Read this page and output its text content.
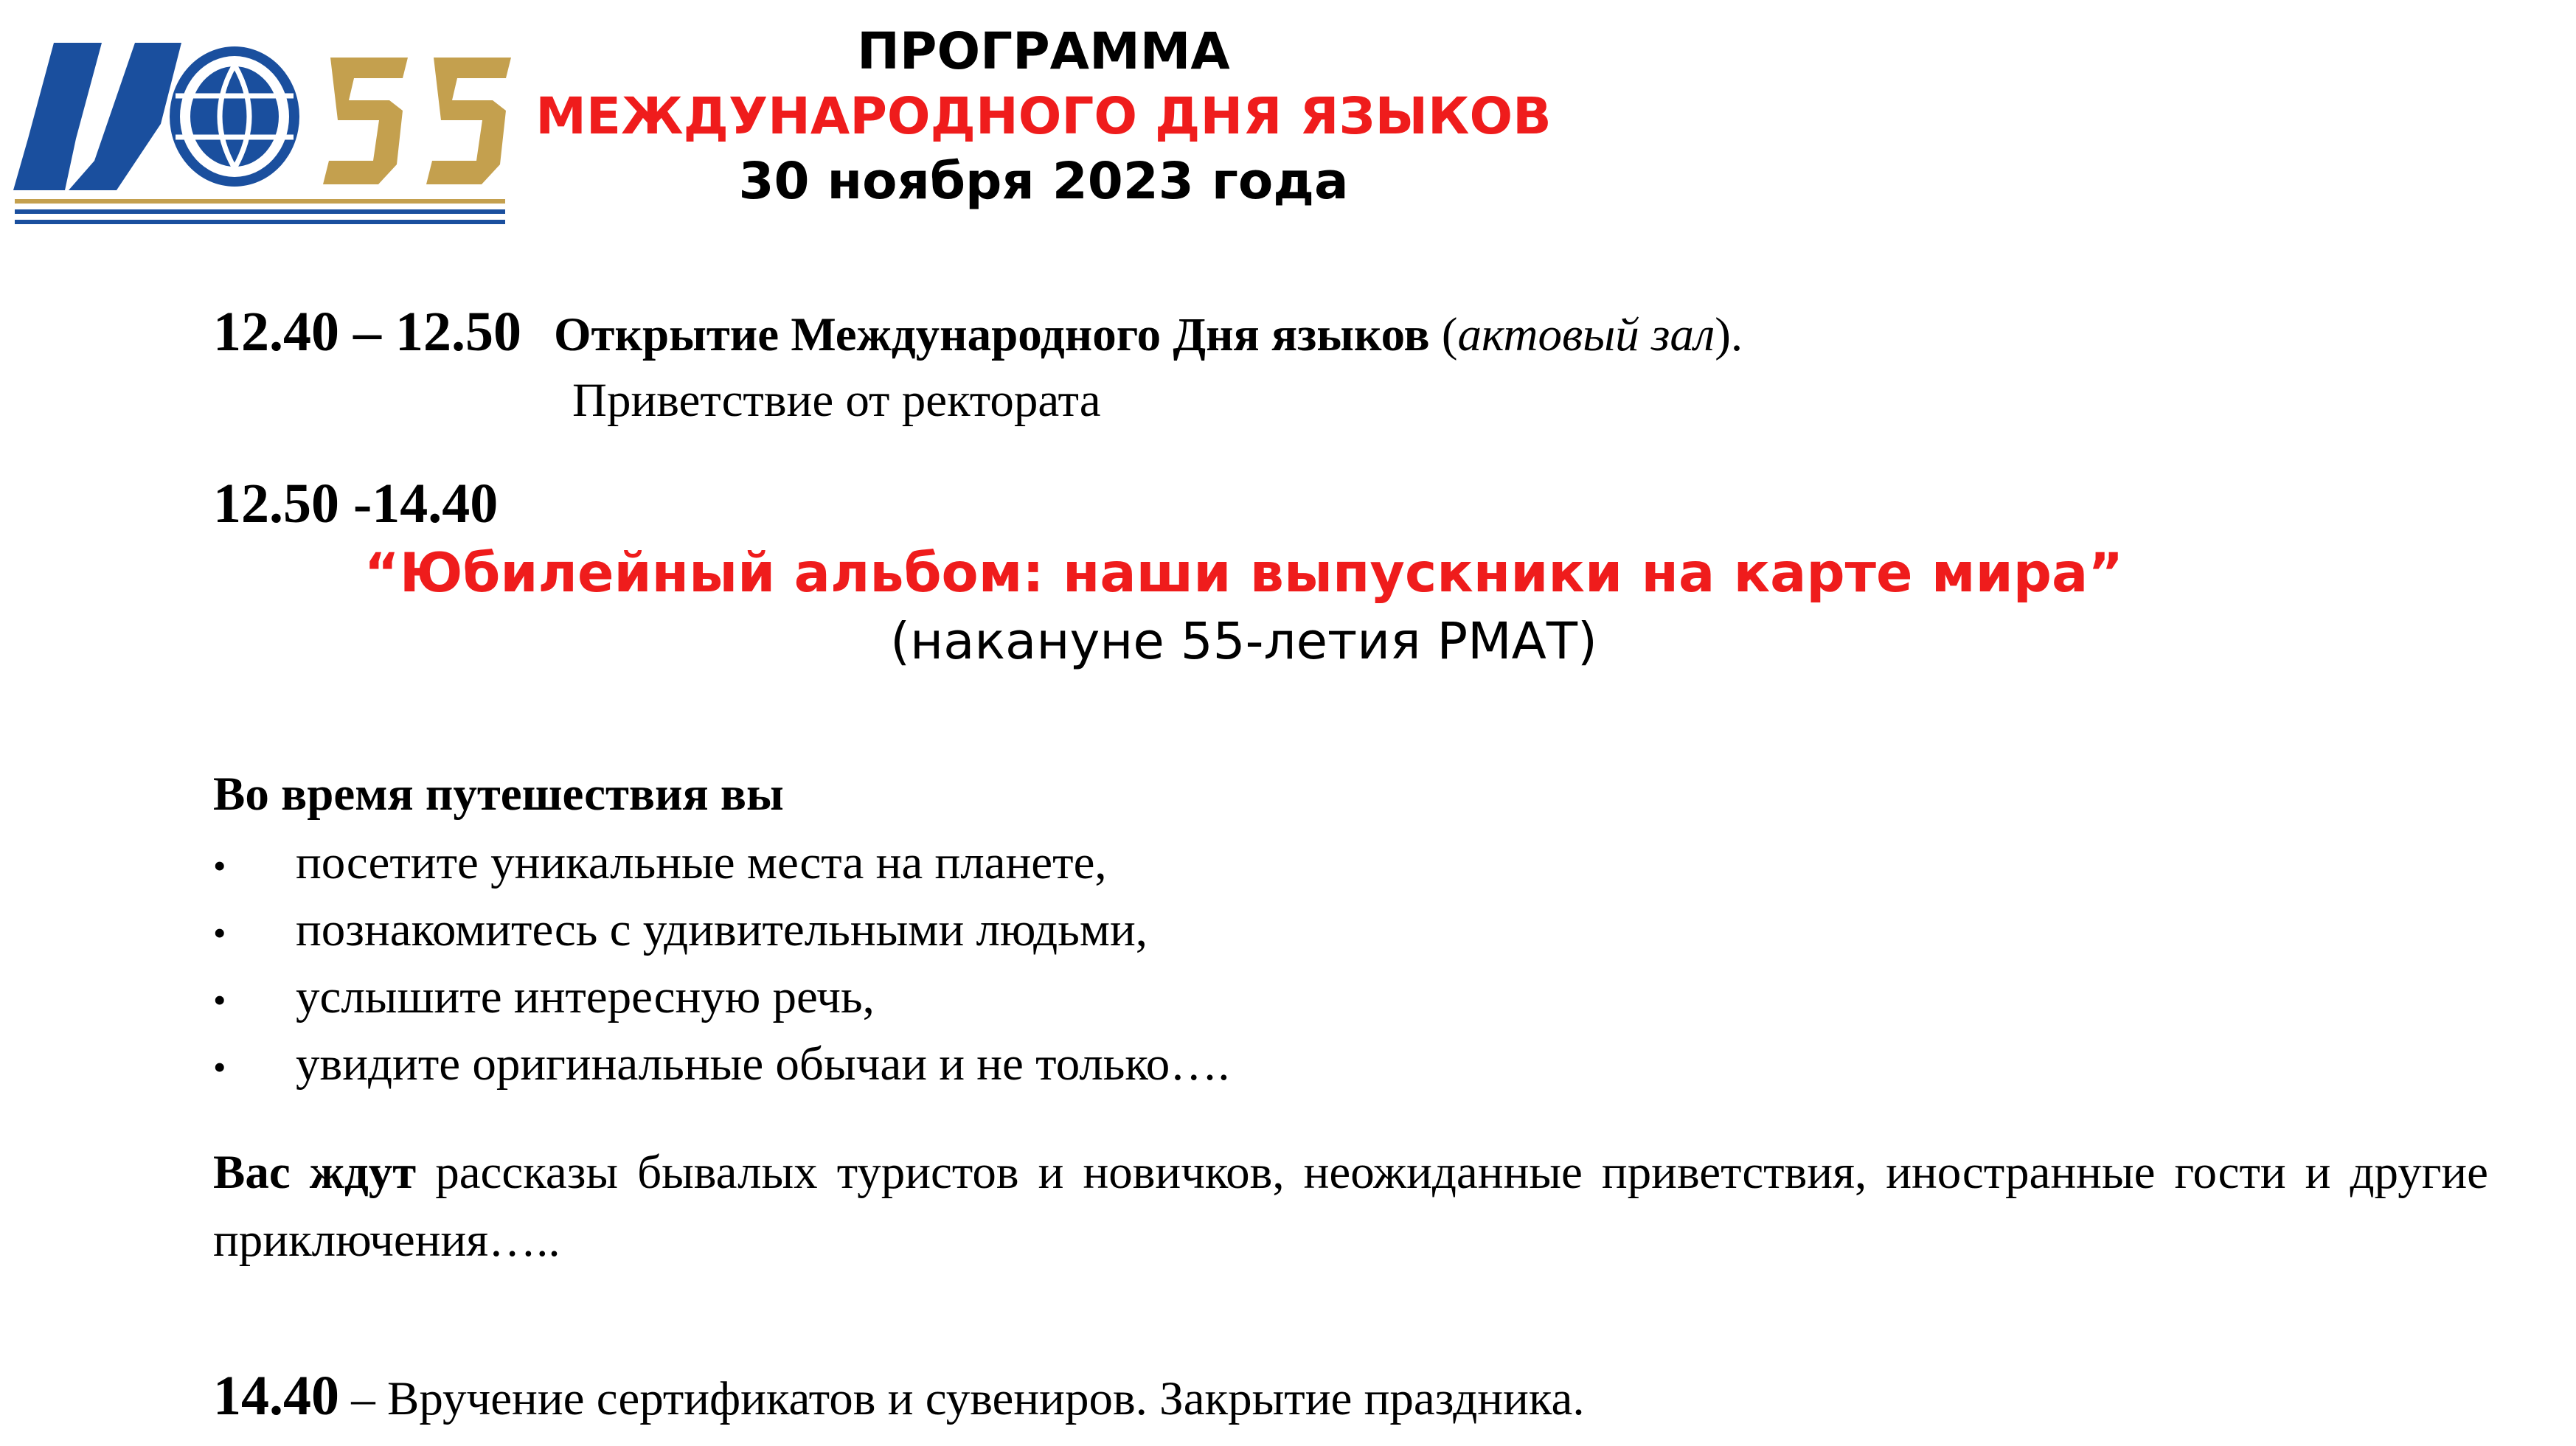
ПРОГРАММА
МЕЖДУНАРОДНОГО ДНЯ ЯЗЫКОВ
30 ноября 2023 года
12.40 – 12.50 Открытие Международного Дня языков (актовый зал).
Приветствие от ректората
12.50 -14.40
“Юбилейный альбом: наши выпускники на карте мира”
(накануне 55-летия РМАТ)
Во время путешествия вы
• посетите уникальные места на планете,
• познакомитесь с удивительными людьми,
• услышите интересную речь,
• увидите оригинальные обычаи и не только….
Вас ждут рассказы бывалых туристов и новичков, неожиданные приветствия, иностранные гости и другие приключения…..
14.40 – Вручение сертификатов и сувениров. Закрытие праздника.
